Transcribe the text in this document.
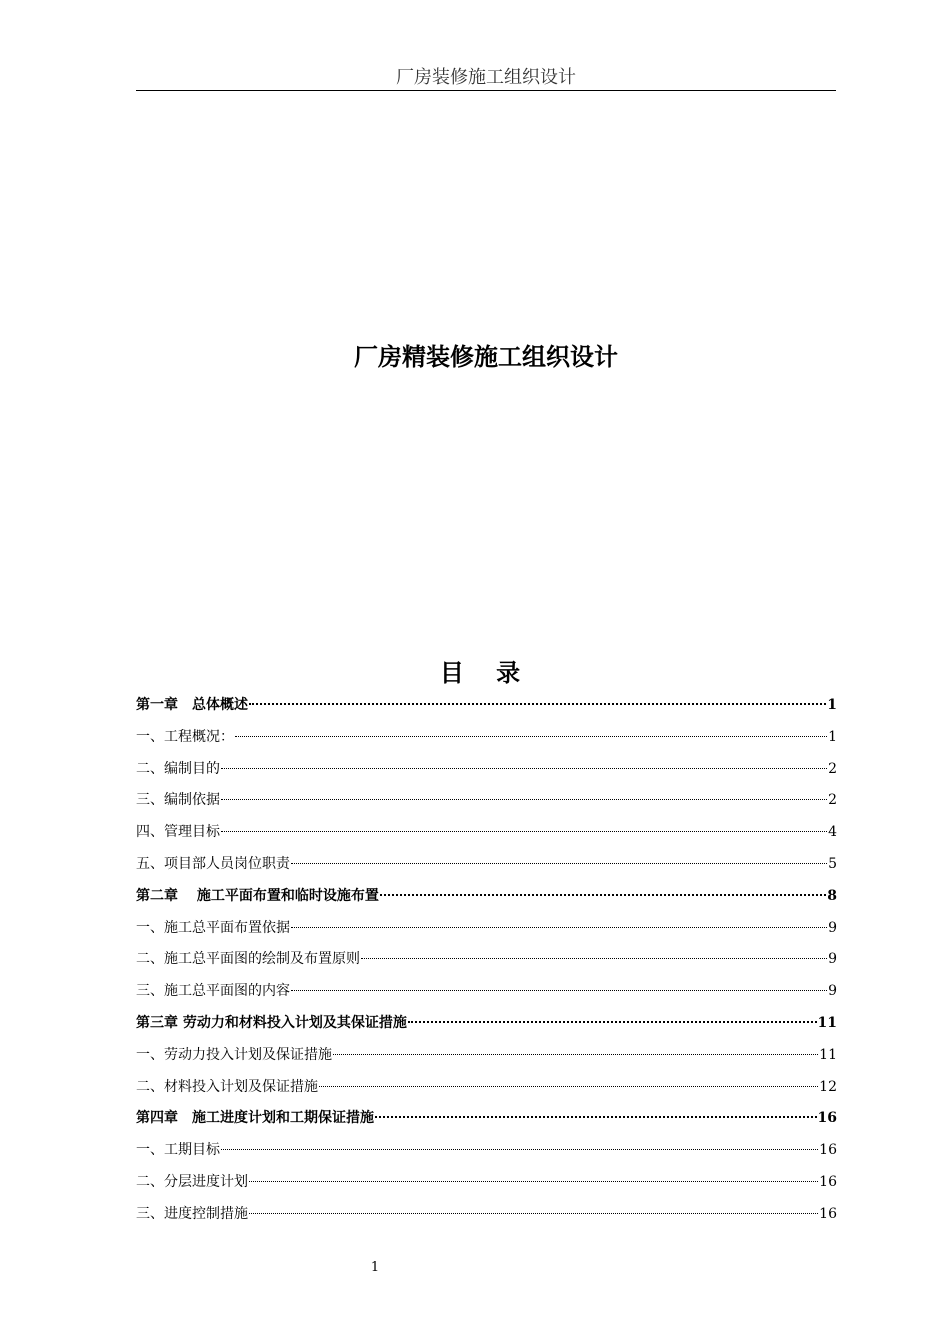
厂房装修施工组织设计
厂房精装修施工组织设计
目 录
第一章　总体概述	1
一、工程概况：	1
二、编制目的	2
三、编制依据	2
四、管理目标	4
五、项目部人员岗位职责	5
第二章　 施工平面布置和临时设施布置	8
一、施工总平面布置依据	9
二、施工总平面图的绘制及布置原则	9
三、施工总平面图的内容	9
第三章 劳动力和材料投入计划及其保证措施	11
一、劳动力投入计划及保证措施	11
二、材料投入计划及保证措施	12
第四章　施工进度计划和工期保证措施	16
一、工期目标	16
二、分层进度计划	16
三、进度控制措施	16
1
